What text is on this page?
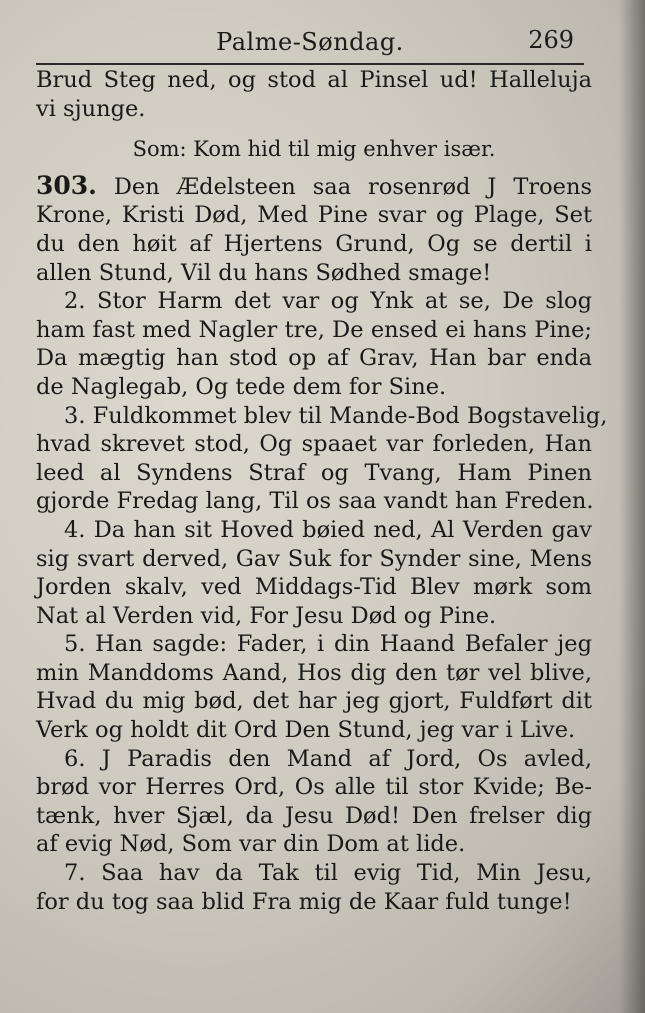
Palme-Søndag.	269
Brud Steg ned, og stod al Pinsel ud! Halleluja
vi sjunge.
Som: Kom hid til mig enhver især.
303. Den Ædelsteen saa rosenrød J Troens
Krone, Kristi Død, Med Pine svar og Plage, Set
du den høit af Hjertens Grund, Og se dertil i
allen Stund, Vil du hans Sødhed smage!
2. Stor Harm det var og Ynk at se, De slog
ham fast med Nagler tre, De ensed ei hans Pine;
Da mægtig han stod op af Grav, Han bar enda
de Naglegab, Og tede dem for Sine.
3. Fuldkommet blev til Mande-Bod Bogstavelig,
hvad skrevet stod, Og spaaet var forleden, Han
leed al Syndens Straf og Tvang, Ham Pinen
gjorde Fredag lang, Til os saa vandt han Freden.
4. Da han sit Hoved bøied ned, Al Verden gav
sig svart derved, Gav Suk for Synder sine, Mens
Jorden skalv, ved Middags-Tid Blev mørk som
Nat al Verden vid, For Jesu Død og Pine.
5. Han sagde: Fader, i din Haand Befaler jeg
min Manddoms Aand, Hos dig den tør vel blive,
Hvad du mig bød, det har jeg gjort, Fuldført dit
Verk og holdt dit Ord Den Stund, jeg var i Live.
6. J Paradis den Mand af Jord, Os avled,
brød vor Herres Ord, Os alle til stor Kvide; Be-
tænk, hver Sjæl, da Jesu Død! Den frelser dig
af evig Nød, Som var din Dom at lide.
7. Saa hav da Tak til evig Tid, Min Jesu,
for du tog saa blid Fra mig de Kaar fuld tunge!
